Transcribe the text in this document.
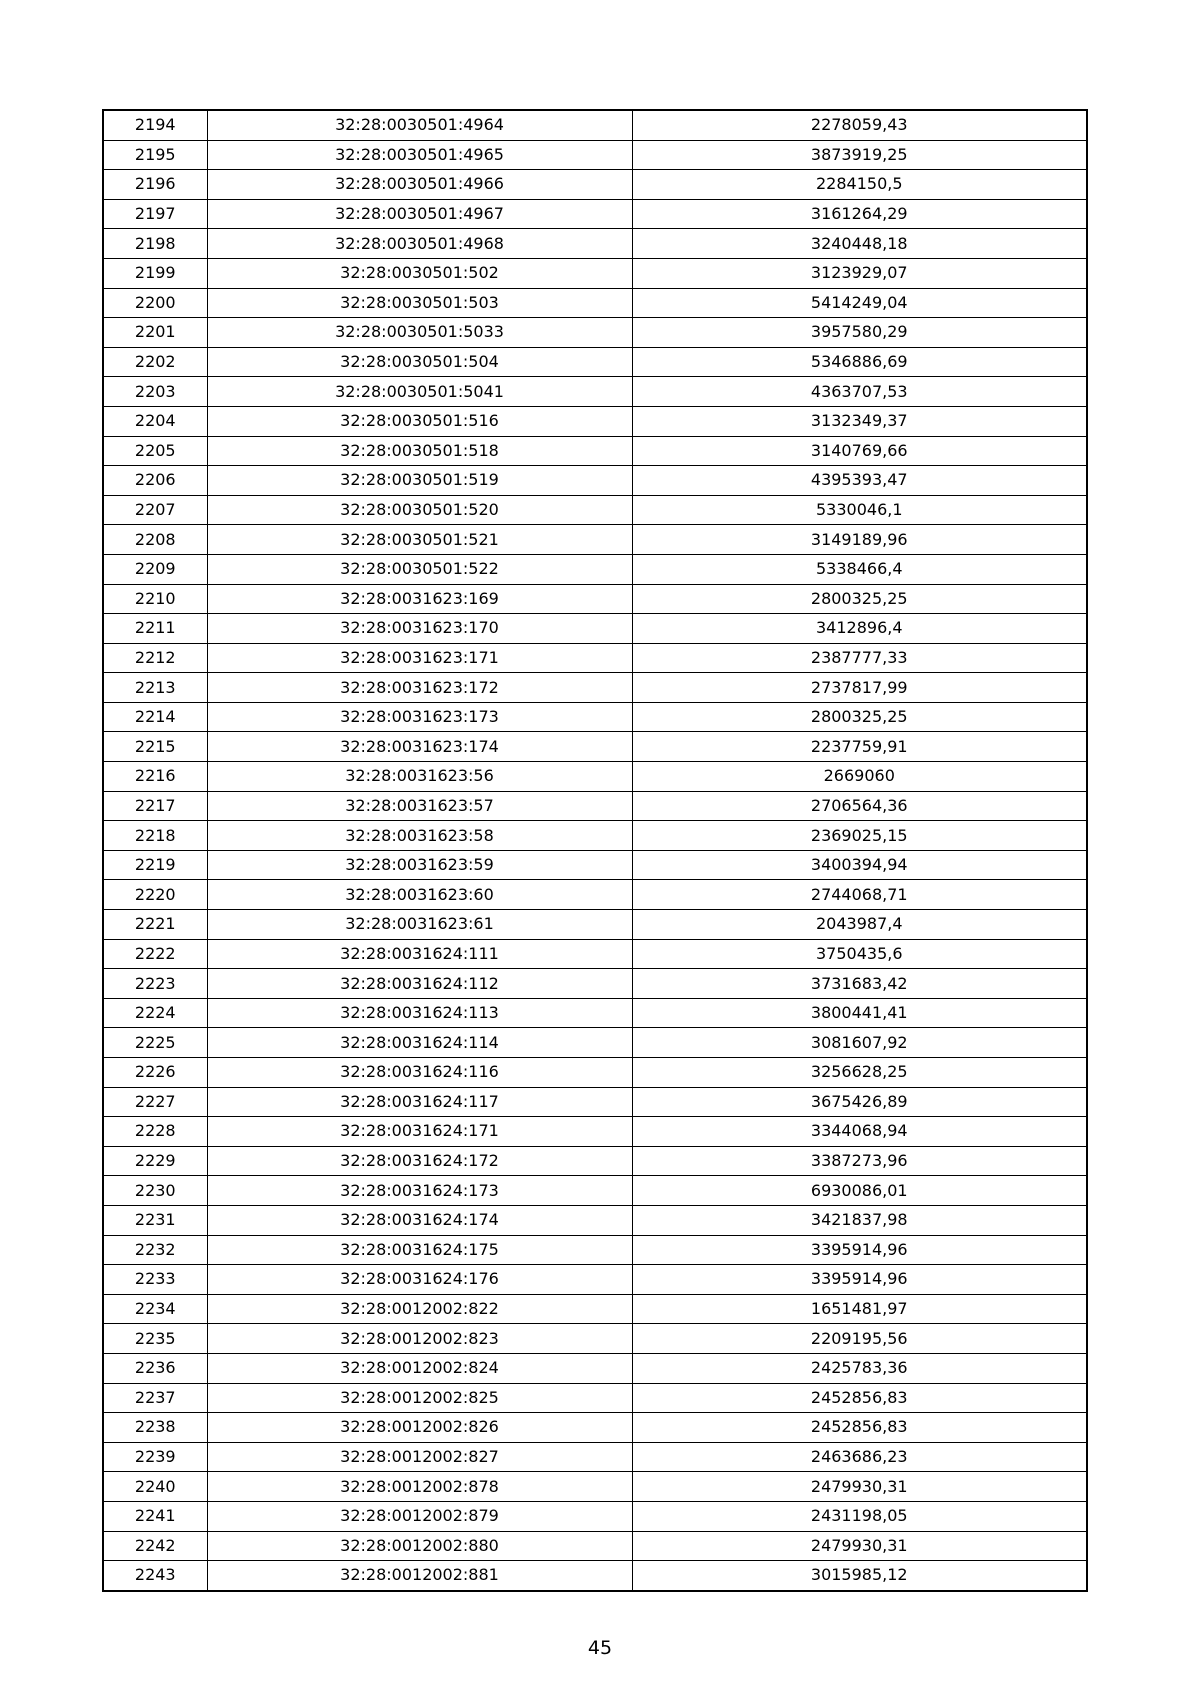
2194	32:28:0030501:4964	2278059,43
2195	32:28:0030501:4965	3873919,25
2196	32:28:0030501:4966	2284150,5
2197	32:28:0030501:4967	3161264,29
2198	32:28:0030501:4968	3240448,18
2199	32:28:0030501:502	3123929,07
2200	32:28:0030501:503	5414249,04
2201	32:28:0030501:5033	3957580,29
2202	32:28:0030501:504	5346886,69
2203	32:28:0030501:5041	4363707,53
2204	32:28:0030501:516	3132349,37
2205	32:28:0030501:518	3140769,66
2206	32:28:0030501:519	4395393,47
2207	32:28:0030501:520	5330046,1
2208	32:28:0030501:521	3149189,96
2209	32:28:0030501:522	5338466,4
2210	32:28:0031623:169	2800325,25
2211	32:28:0031623:170	3412896,4
2212	32:28:0031623:171	2387777,33
2213	32:28:0031623:172	2737817,99
2214	32:28:0031623:173	2800325,25
2215	32:28:0031623:174	2237759,91
2216	32:28:0031623:56	2669060
2217	32:28:0031623:57	2706564,36
2218	32:28:0031623:58	2369025,15
2219	32:28:0031623:59	3400394,94
2220	32:28:0031623:60	2744068,71
2221	32:28:0031623:61	2043987,4
2222	32:28:0031624:111	3750435,6
2223	32:28:0031624:112	3731683,42
2224	32:28:0031624:113	3800441,41
2225	32:28:0031624:114	3081607,92
2226	32:28:0031624:116	3256628,25
2227	32:28:0031624:117	3675426,89
2228	32:28:0031624:171	3344068,94
2229	32:28:0031624:172	3387273,96
2230	32:28:0031624:173	6930086,01
2231	32:28:0031624:174	3421837,98
2232	32:28:0031624:175	3395914,96
2233	32:28:0031624:176	3395914,96
2234	32:28:0012002:822	1651481,97
2235	32:28:0012002:823	2209195,56
2236	32:28:0012002:824	2425783,36
2237	32:28:0012002:825	2452856,83
2238	32:28:0012002:826	2452856,83
2239	32:28:0012002:827	2463686,23
2240	32:28:0012002:878	2479930,31
2241	32:28:0012002:879	2431198,05
2242	32:28:0012002:880	2479930,31
2243	32:28:0012002:881	3015985,12
45
